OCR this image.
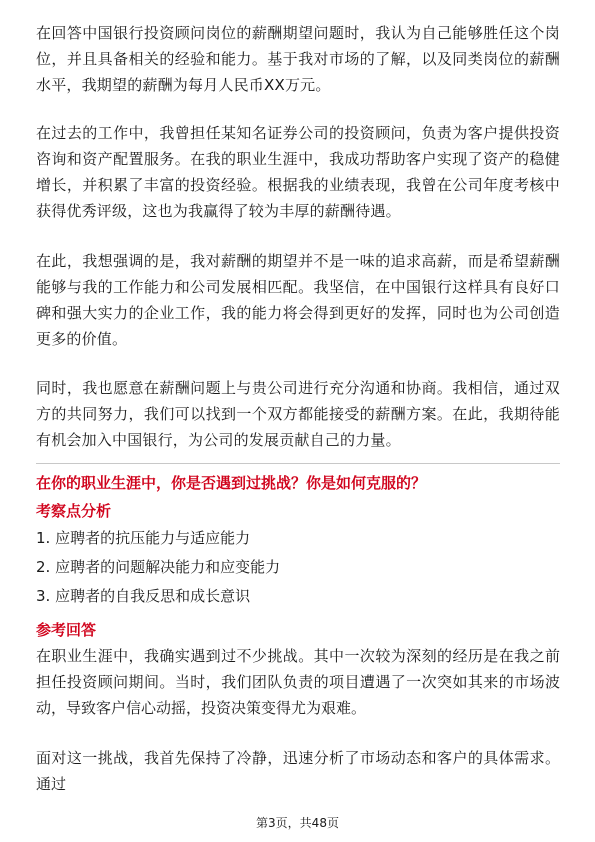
在回答中国银行投资顾问岗位的薪酬期望问题时，我认为自己能够胜任这个岗位，并且具备相关的经验和能力。基于我对市场的了解，以及同类岗位的薪酬水平，我期望的薪酬为每月人民币XX万元。

在过去的工作中，我曾担任某知名证券公司的投资顾问，负责为客户提供投资咨询和资产配置服务。在我的职业生涯中，我成功帮助客户实现了资产的稳健增长，并积累了丰富的投资经验。根据我的业绩表现，我曾在公司年度考核中获得优秀评级，这也为我赢得了较为丰厚的薪酬待遇。

在此，我想强调的是，我对薪酬的期望并不是一味的追求高薪，而是希望薪酬能够与我的工作能力和公司发展相匹配。我坚信，在中国银行这样具有良好口碑和强大实力的企业工作，我的能力将会得到更好的发挥，同时也为公司创造更多的价值。

同时，我也愿意在薪酬问题上与贵公司进行充分沟通和协商。我相信，通过双方的共同努力，我们可以找到一个双方都能接受的薪酬方案。在此，我期待能有机会加入中国银行，为公司的发展贡献自己的力量。

在你的职业生涯中，你是否遇到过挑战？你是如何克服的？

考察点分析

1. 应聘者的抗压能力与适应能力
2. 应聘者的问题解决能力和应变能力
3. 应聘者的自我反思和成长意识

参考回答

在职业生涯中，我确实遇到过不少挑战。其中一次较为深刻的经历是在我之前担任投资顾问期间。当时，我们团队负责的项目遭遇了一次突如其来的市场波动，导致客户信心动摇，投资决策变得尤为艰难。

面对这一挑战，我首先保持了冷静，迅速分析了市场动态和客户的具体需求。通过

第3页，共48页
